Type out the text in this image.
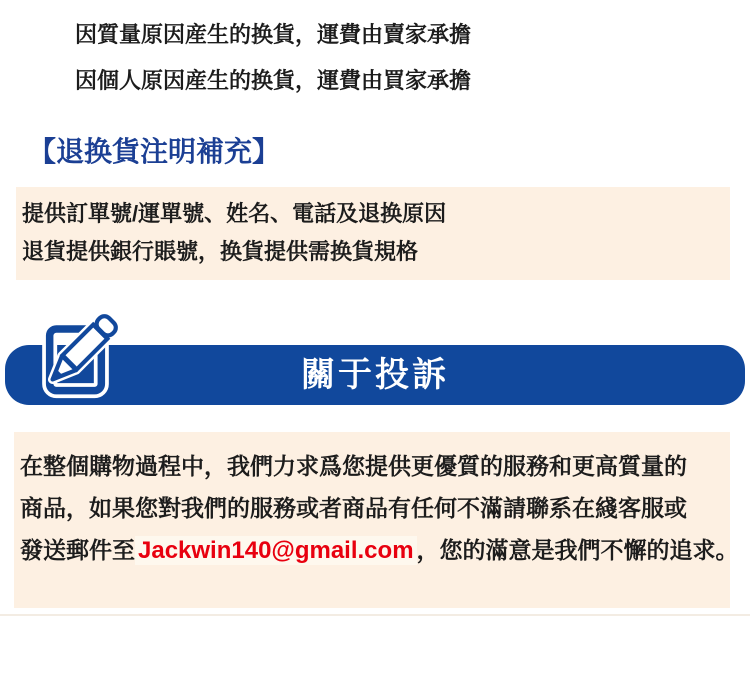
因質量原因産生的换貨，運費由賣家承擔
因個人原因産生的换貨，運費由買家承擔
【退换貨注明補充】
提供訂單號/運單號、姓名、電話及退换原因
退貨提供銀行賬號，换貨提供需换貨規格
關于投訴
在整個購物過程中，我們力求爲您提供更優質的服務和更高質量的
商品，如果您對我們的服務或者商品有任何不滿請聯系在綫客服或
發送郵件至 Jackwin140@gmail.com ，您的滿意是我們不懈的追求。
